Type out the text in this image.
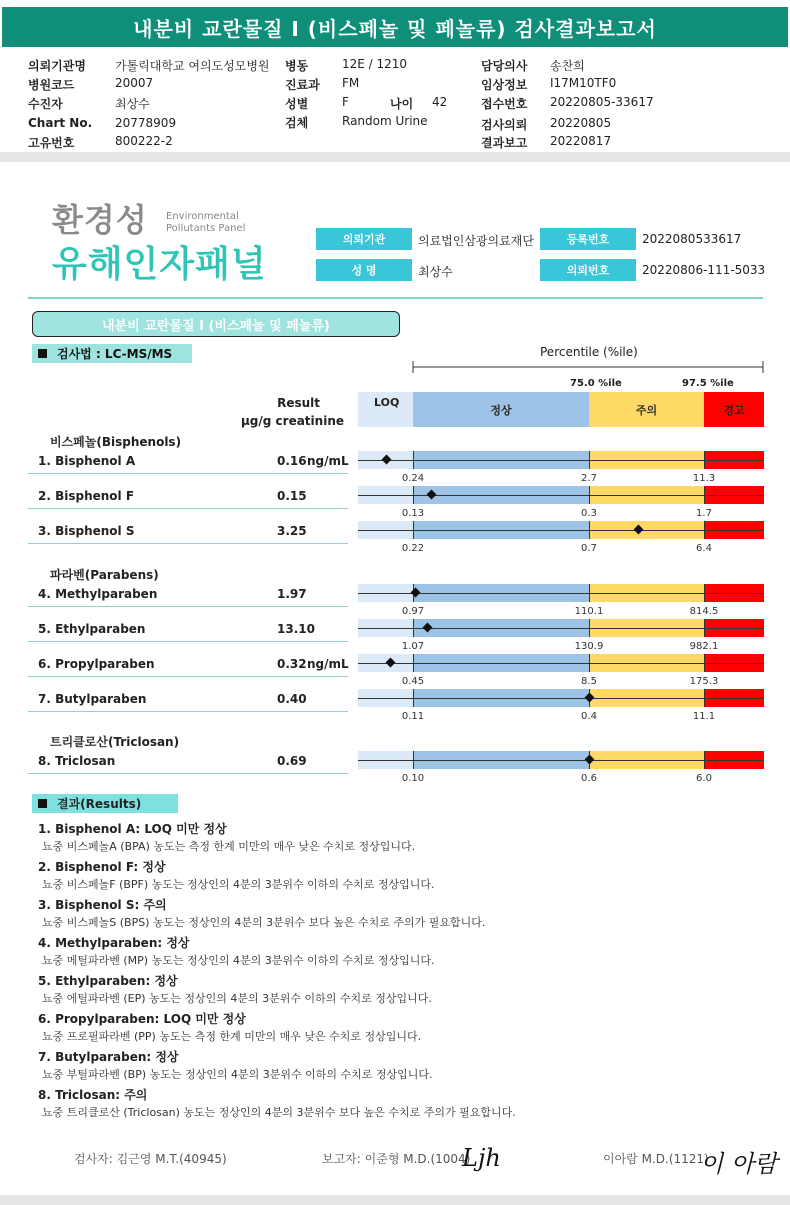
내분비 교란물질 I (비스페놀 및 페놀류) 검사결과보고서
의뢰기관명 가톨릭대학교 여의도성모병원
병원코드	20007
수진자	최상수
Chart No. 20778909
고유번호	800222-2
병동	12E / 1210
진료과 FM
성별	F
검체	Random Urine
담당의사 송찬희
임상정보 I17M10TF0
접수번호 20220805-33617
검사의뢰 20220805
결과보고 20220817
나이 42
환경성 Environmental
Pollutants Panel
유해인자패널
의뢰기관	의료법인삼광의료재단
성 명	최상수
등록번호	2022080533617
의뢰번호	20220806-111-5033
내분비 교란물질 I (비스페놀 및 페놀류)
검사법 : LC-MS/MS	Percentile (%ile)
75.0 %ile	97.5 %ile
Result
μg/g creatinine
LOQ
정상	주의	경고
비스페놀(Bisphenols)
파라벤(Parabens)
트리클로산(Triclosan)
1. Bisphenol A	0.16 ng/mL
0.24	2.7	11.3
2. Bisphenol F	0.15
0.13	0.3	1.7
3. Bisphenol S	3.25
0.22	0.7	6.4
4. Methylparaben	1.97
0.97	110.1	814.5
5. Ethylparaben	13.10
1.07	130.9	982.1
6. Propylparaben	0.32 ng/mL
0.45	8.5	175.3
7. Butylparaben	0.40
0.11	0.4	11.1
8. Triclosan	0.69
0.10	0.6	6.0
결과(Results)
1. Bisphenol A: LOQ 미만 정상
뇨중 비스페놀A (BPA) 농도는 측정 한계 미만의 매우 낮은 수치로 정상입니다.
2. Bisphenol F: 정상
뇨중 비스페놀F (BPF) 농도는 정상인의 4분의 3분위수 이하의 수치로 정상입니다.
3. Bisphenol S: 주의
뇨중 비스페놀S (BPS) 농도는 정상인의 4분의 3분위수 보다 높은 수치로 주의가 필요합니다.
4. Methylparaben: 정상
뇨중 메틸파라벤 (MP) 농도는 정상인의 4분의 3분위수 이하의 수치로 정상입니다.
5. Ethylparaben: 정상
뇨중 에틸파라벤 (EP) 농도는 정상인의 4분의 3분위수 이하의 수치로 정상입니다.
6. Propylparaben: LOQ 미만 정상
뇨중 프로필파라벤 (PP) 농도는 측정 한계 미만의 매우 낮은 수치로 정상입니다.
7. Butylparaben: 정상
뇨중 부틸파라벤 (BP) 농도는 정상인의 4분의 3분위수 이하의 수치로 정상입니다.
8. Triclosan: 주의
뇨중 트리클로산 (Triclosan) 농도는 정상인의 4분의 3분위수 보다 높은 수치로 주의가 필요합니다.
검사자: 김근영 M.T.(40945)	보고자: 이준형 M.D.(1004)
Ljh	이아람 M.D.(1121)
이 아람
